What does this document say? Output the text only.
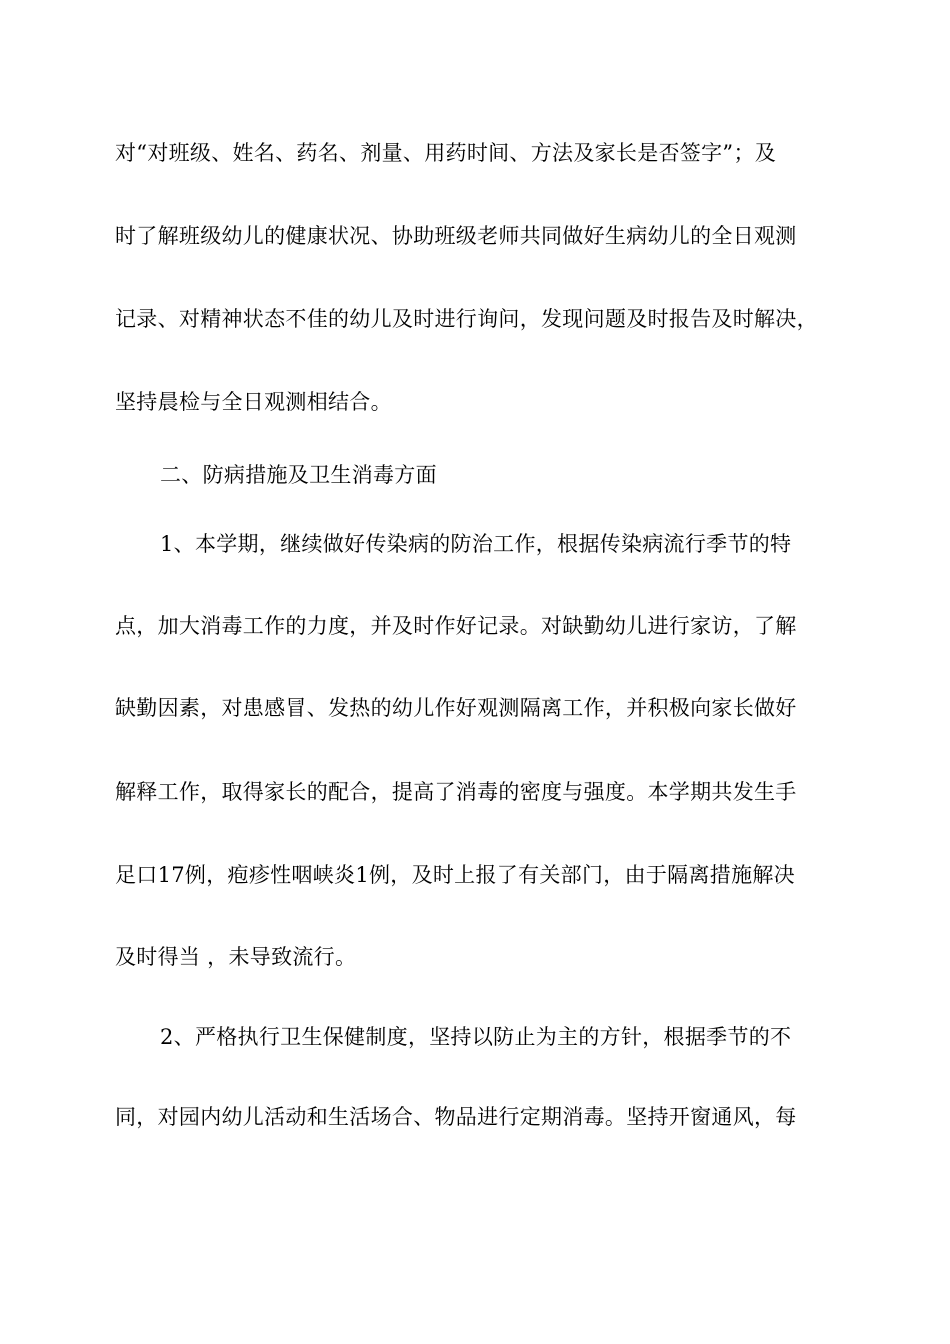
对“对班级、姓名、药名、剂量、用药时间、方法及家长是否签字”；及
时了解班级幼儿的健康状况、协助班级老师共同做好生病幼儿的全日观测
记录、对精神状态不佳的幼儿及时进行询问，发现问题及时报告及时解决，
坚持晨检与全日观测相结合。
二、防病措施及卫生消毒方面
1、本学期，继续做好传染病的防治工作，根据传染病流行季节的特
点，加大消毒工作的力度，并及时作好记录。对缺勤幼儿进行家访，了解
缺勤因素，对患感冒、发热的幼儿作好观测隔离工作，并积极向家长做好
解释工作，取得家长的配合，提高了消毒的密度与强度。本学期共发生手
足口17例，疱疹性咽峡炎1例，及时上报了有关部门，由于隔离措施解决
及时得当 ，未导致流行。
2、严格执行卫生保健制度，坚持以防止为主的方针，根据季节的不
同，对园内幼儿活动和生活场合、物品进行定期消毒。坚持开窗通风，每
